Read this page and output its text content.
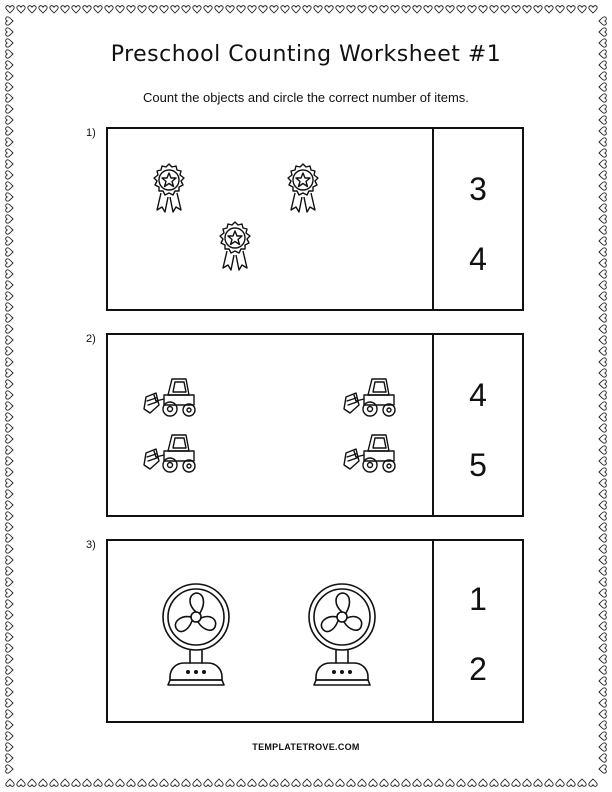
Preschool Counting Worksheet #1
Count the objects and circle the correct number of items.
1)
3
4
2)
4
5
3)
1
2
TEMPLATETROVE.COM
